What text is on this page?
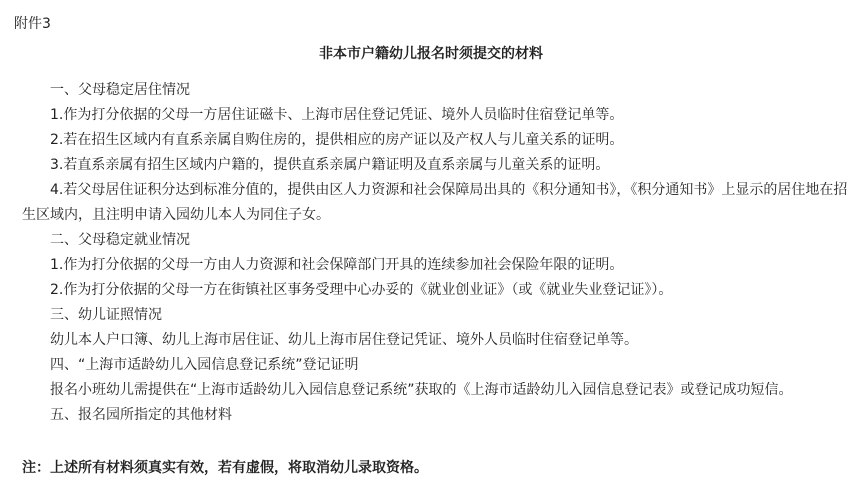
附件3
非本市户籍幼儿报名时须提交的材料

一、父母稳定居住情况

1.作为打分依据的父母一方居住证磁卡、上海市居住登记凭证、境外人员临时住宿登记单等。

2.若在招生区域内有直系亲属自购住房的，提供相应的房产证以及产权人与儿童关系的证明。

3.若直系亲属有招生区域内户籍的，提供直系亲属户籍证明及直系亲属与儿童关系的证明。

4.若父母居住证积分达到标准分值的，提供由区人力资源和社会保障局出具的《积分通知书》，《积分通知书》上显示的居住地在招生区域内，且注明申请入园幼儿本人为同住子女。

二、父母稳定就业情况

1.作为打分依据的父母一方由人力资源和社会保障部门开具的连续参加社会保险年限的证明。

2.作为打分依据的父母一方在街镇社区事务受理中心办妥的《就业创业证》（或《就业失业登记证》）。

三、幼儿证照情况

幼儿本人户口簿、幼儿上海市居住证、幼儿上海市居住登记凭证、境外人员临时住宿登记单等。

四、“上海市适龄幼儿入园信息登记系统”登记证明

报名小班幼儿需提供在“上海市适龄幼儿入园信息登记系统”获取的《上海市适龄幼儿入园信息登记表》或登记成功短信。

五、报名园所指定的其他材料

注：上述所有材料须真实有效，若有虚假，将取消幼儿录取资格。
